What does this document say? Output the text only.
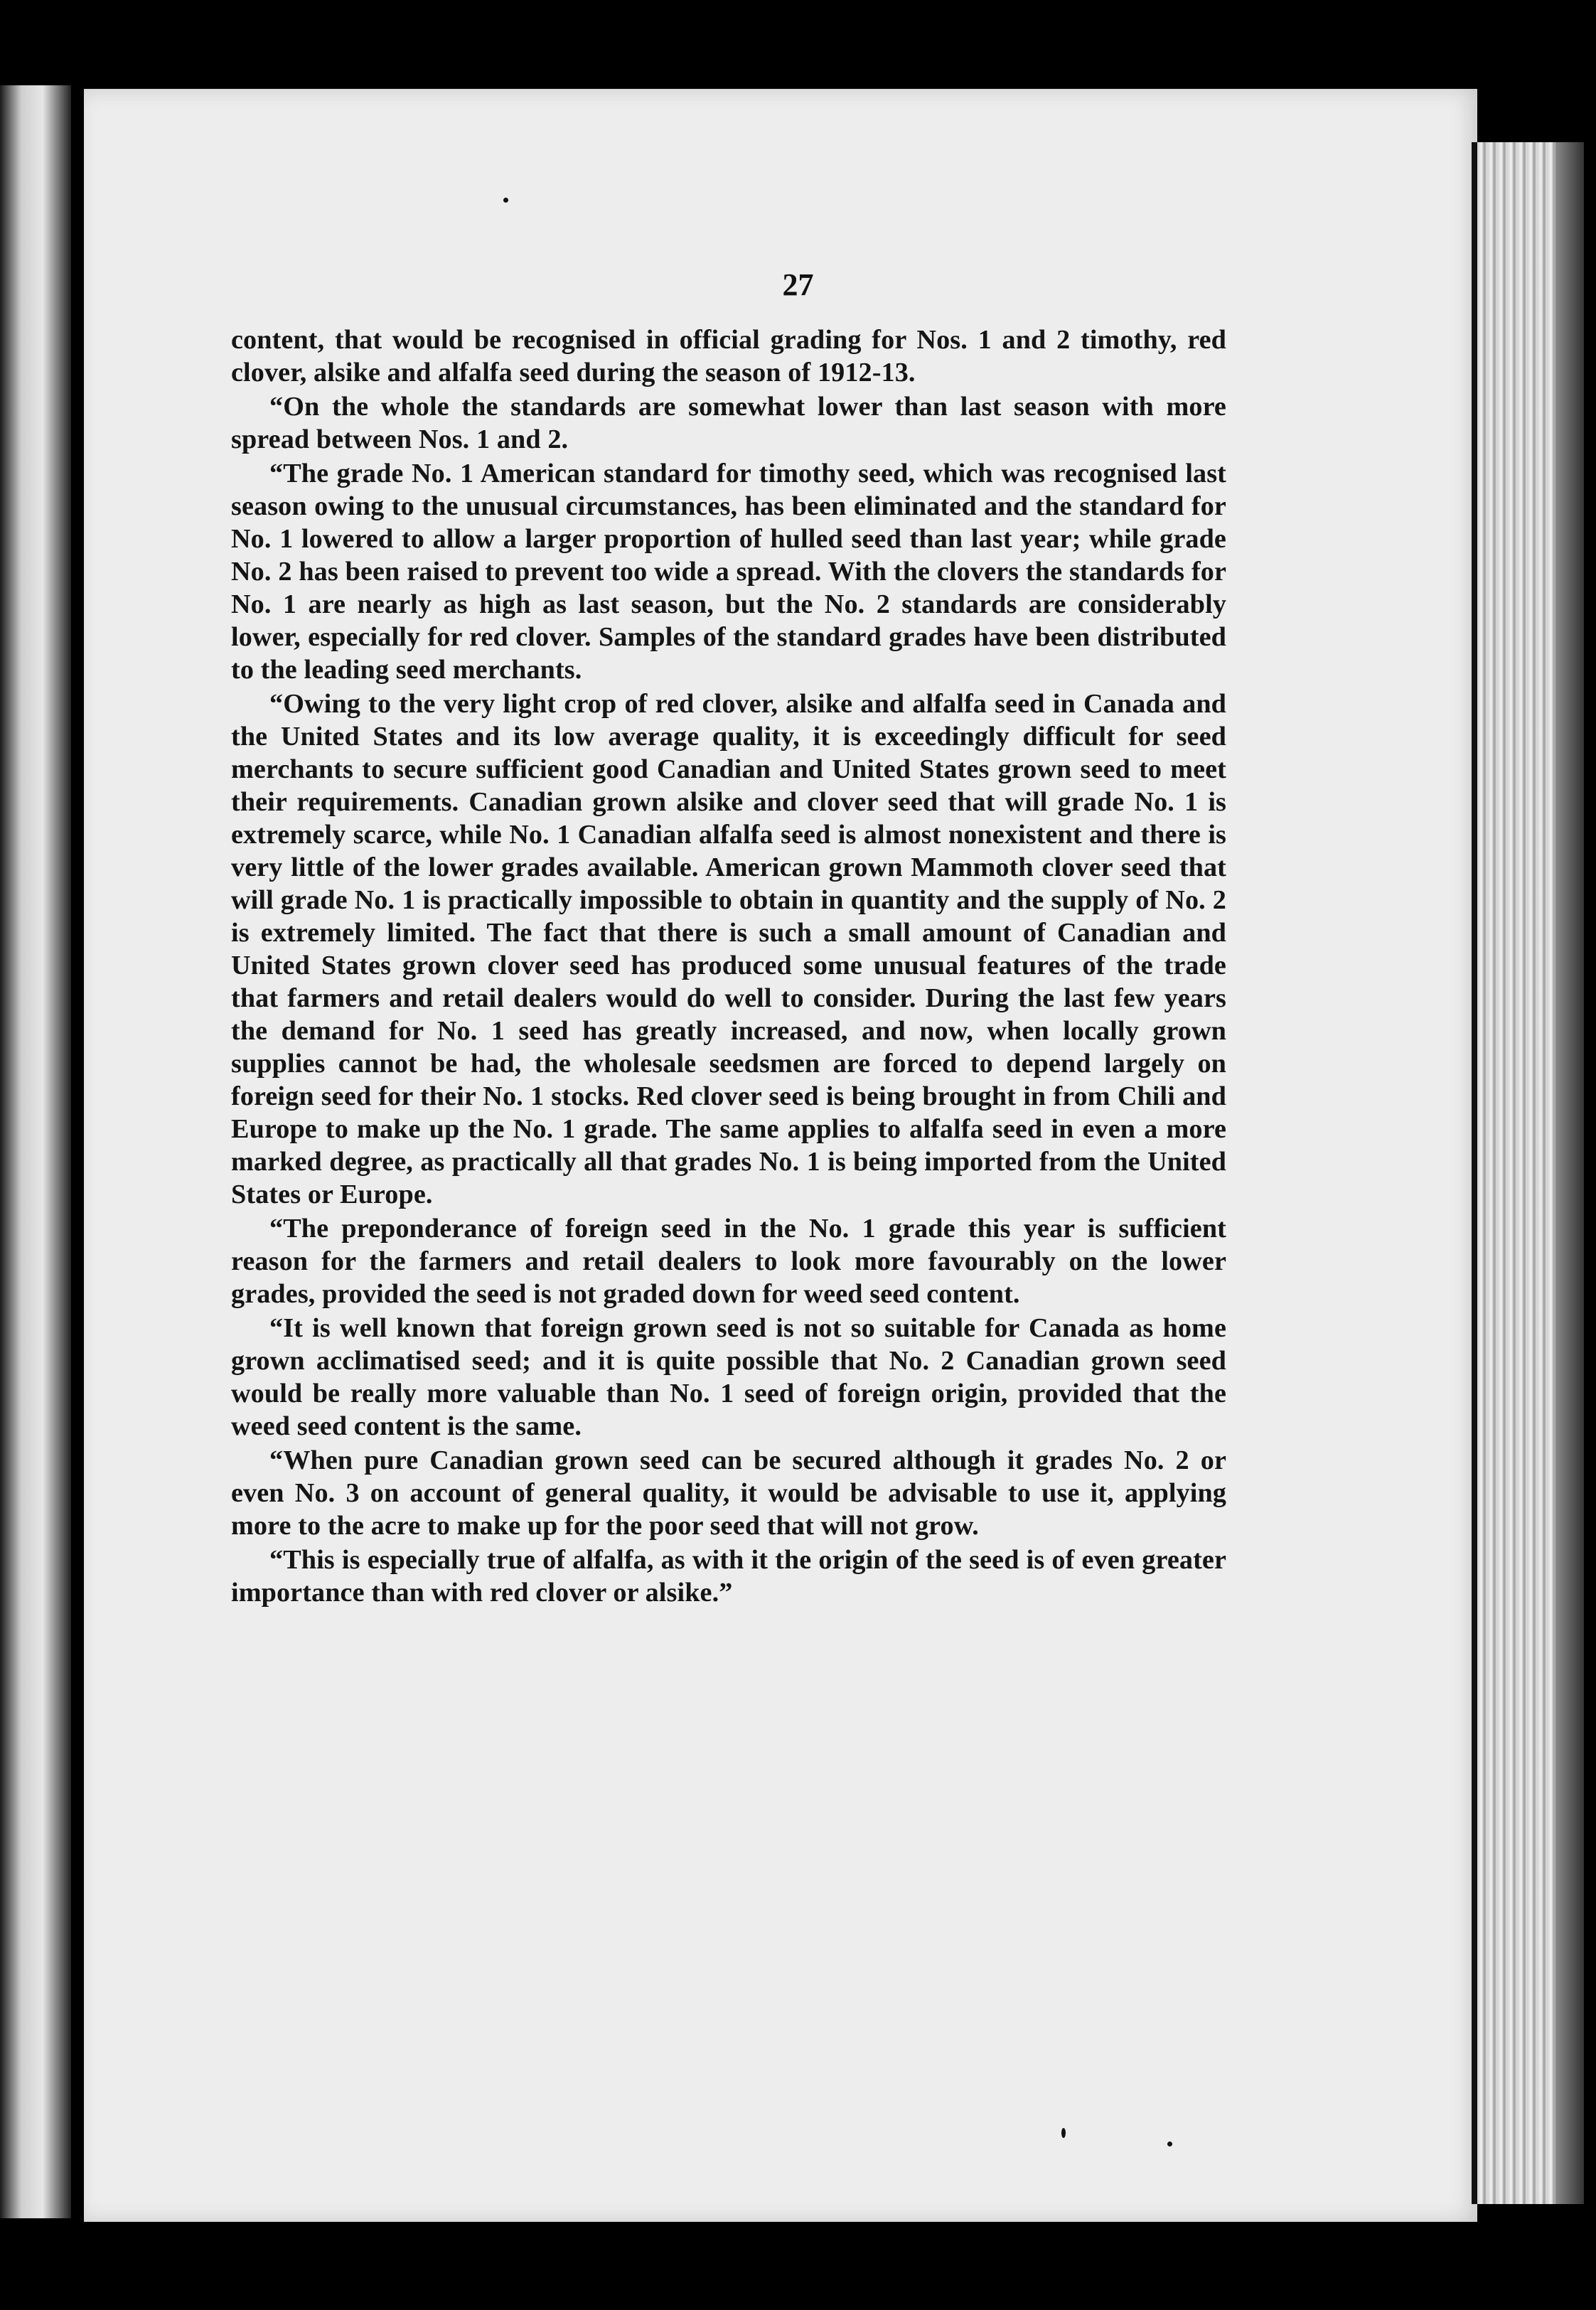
27

content, that would be recognised in official grading for Nos. 1 and 2 timothy, red clover, alsike and alfalfa seed during the season of 1912-13.

“On the whole the standards are somewhat lower than last season with more spread between Nos. 1 and 2.

“The grade No. 1 American standard for timothy seed, which was recognised last season owing to the unusual circumstances, has been eliminated and the standard for No. 1 lowered to allow a larger proportion of hulled seed than last year; while grade No. 2 has been raised to prevent too wide a spread. With the clovers the standards for No. 1 are nearly as high as last season, but the No. 2 standards are considerably lower, especially for red clover. Samples of the standard grades have been distributed to the leading seed merchants.

“Owing to the very light crop of red clover, alsike and alfalfa seed in Canada and the United States and its low average quality, it is exceedingly difficult for seed merchants to secure sufficient good Canadian and United States grown seed to meet their requirements. Canadian grown alsike and clover seed that will grade No. 1 is extremely scarce, while No. 1 Canadian alfalfa seed is almost nonexistent and there is very little of the lower grades available. American grown Mammoth clover seed that will grade No. 1 is practically impossible to obtain in quantity and the supply of No. 2 is extremely limited. The fact that there is such a small amount of Canadian and United States grown clover seed has produced some unusual features of the trade that farmers and retail dealers would do well to consider. During the last few years the demand for No. 1 seed has greatly increased, and now, when locally grown supplies cannot be had, the wholesale seedsmen are forced to depend largely on foreign seed for their No. 1 stocks. Red clover seed is being brought in from Chili and Europe to make up the No. 1 grade. The same applies to alfalfa seed in even a more marked degree, as practically all that grades No. 1 is being imported from the United States or Europe.

“The preponderance of foreign seed in the No. 1 grade this year is sufficient reason for the farmers and retail dealers to look more favourably on the lower grades, provided the seed is not graded down for weed seed content.

“It is well known that foreign grown seed is not so suitable for Canada as home grown acclimatised seed; and it is quite possible that No. 2 Canadian grown seed would be really more valuable than No. 1 seed of foreign origin, provided that the weed seed content is the same.

“When pure Canadian grown seed can be secured although it grades No. 2 or even No. 3 on account of general quality, it would be advisable to use it, applying more to the acre to make up for the poor seed that will not grow.

“This is especially true of alfalfa, as with it the origin of the seed is of even greater importance than with red clover or alsike.”
